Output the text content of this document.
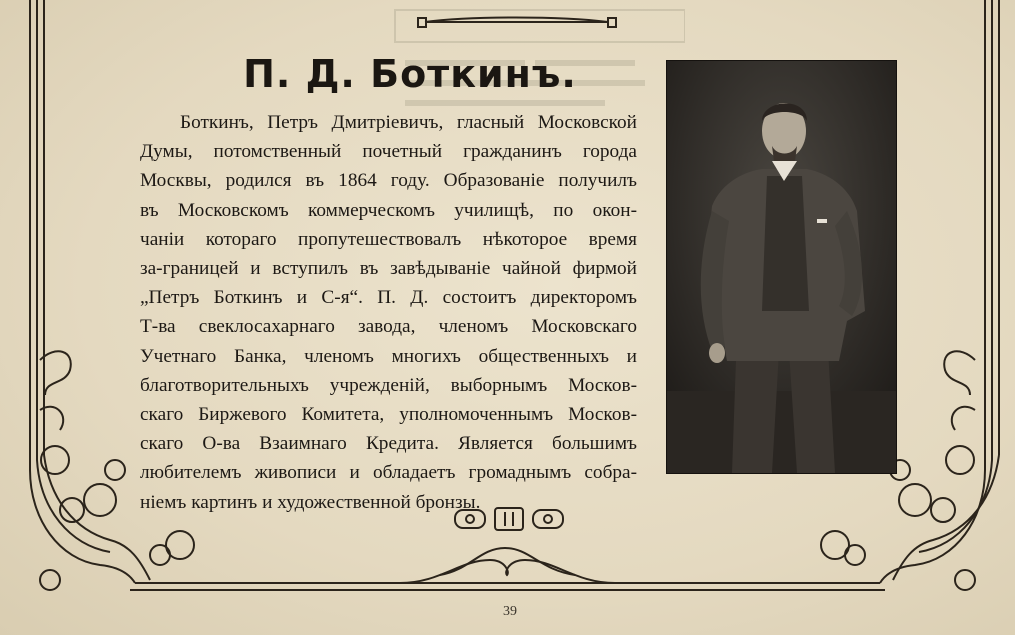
П. Д. Боткинъ.

Боткинъ, Петръ Дмитріевичъ, гласный Московской
Думы, потомственный почетный гражданинъ города
Москвы, родился въ 1864 году. Образованіе получилъ
въ Московскомъ коммерческомъ училищѣ, по окон-
чаніи котораго пропутешествовалъ нѣкоторое время
за-границей и вступилъ въ завѣдываніе чайной фирмой
„Петръ Боткинъ и С-я“. П. Д. состоитъ директоромъ
Т-ва свеклосахарнаго завода, членомъ Московскаго
Учетнаго Банка, членомъ многихъ общественныхъ и
благотворительныхъ учрежденій, выборнымъ Москов-
скаго Биржевого Комитета, уполномоченнымъ Москов-
скаго О-ва Взаимнаго Кредита. Является большимъ
любителемъ живописи и обладаетъ громаднымъ собра-
ніемъ картинъ и художественной бронзы.

39
